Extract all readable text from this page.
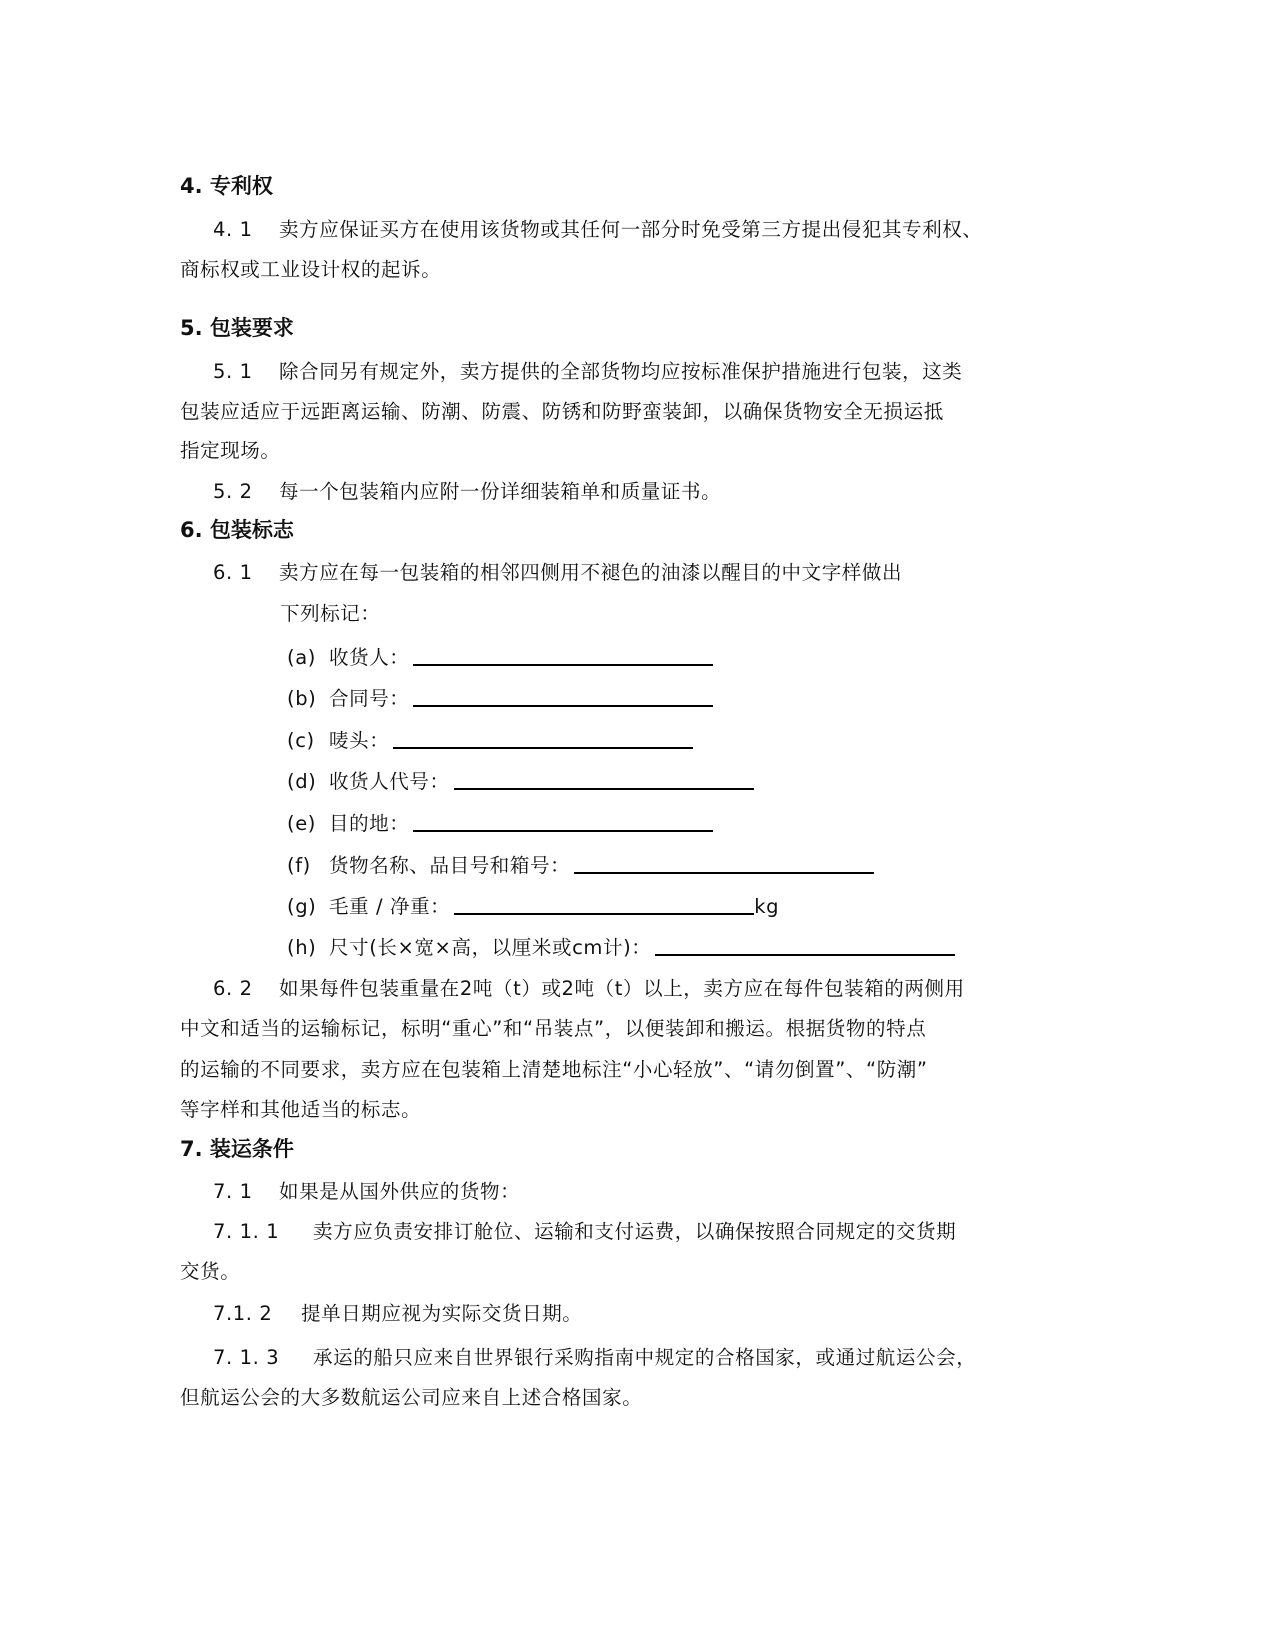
4. 专利权
4. 1 卖方应保证买方在使用该货物或其任何一部分时免受第三方提出侵犯其专利权、
商标权或工业设计权的起诉。
5. 包装要求
5. 1 除合同另有规定外，卖方提供的全部货物均应按标准保护措施进行包装，这类
包装应适应于远距离运输、防潮、防震、防锈和防野蛮装卸，以确保货物安全无损运抵
指定现场。
5. 2 每一个包装箱内应附一份详细装箱单和质量证书。
6. 包装标志
6. 1 卖方应在每一包装箱的相邻四侧用不褪色的油漆以醒目的中文字样做出
下列标记：
(a) 收货人：
(b) 合同号：
(c) 唛头：
(d) 收货人代号：
(e) 目的地：
(f) 货物名称、品目号和箱号：
(g) 毛重 / 净重：	kg
(h) 尺寸(长×宽×高，以厘米或cm计)：
6. 2 如果每件包装重量在2吨（t）或2吨（t）以上，卖方应在每件包装箱的两侧用
中文和适当的运输标记，标明“重心”和“吊装点”，以便装卸和搬运。根据货物的特点
的运输的不同要求，卖方应在包装箱上清楚地标注“小心轻放”、“请勿倒置”、“防潮”
等字样和其他适当的标志。
7. 装运条件
7. 1 如果是从国外供应的货物：
7. 1. 1 卖方应负责安排订舱位、运输和支付运费，以确保按照合同规定的交货期
交货。
7.1. 2 提单日期应视为实际交货日期。
7. 1. 3 承运的船只应来自世界银行采购指南中规定的合格国家，或通过航运公会，
但航运公会的大多数航运公司应来自上述合格国家。
